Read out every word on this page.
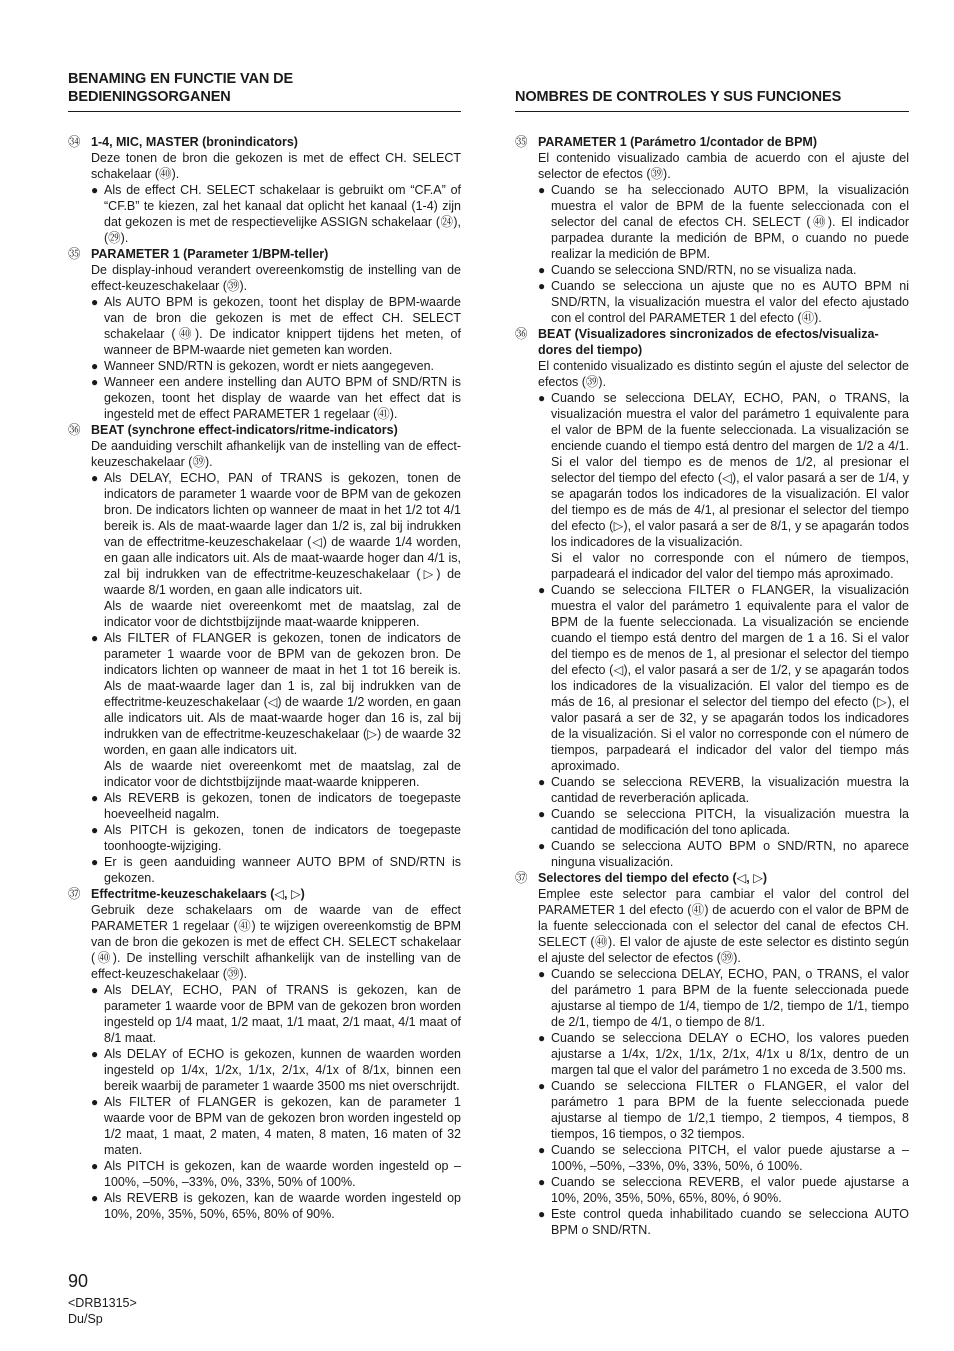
BENAMING EN FUNCTIE VAN DE
BEDIENINGSORGANEN
㉞ 1-4, MIC, MASTER (bronindicators)
Deze tonen de bron die gekozen is met de effect CH. SELECT schakelaar (㊵).
● Als de effect CH. SELECT schakelaar is gebruikt om “CF.A” of “CF.B” te kiezen, zal het kanaal dat oplicht het kanaal (1-4) zijn dat gekozen is met de respectievelijke ASSIGN schakelaar (㉔), (㉙).
㉟ PARAMETER 1 (Parameter 1/BPM-teller)
De display-inhoud verandert overeenkomstig de instelling van de effect-keuzeschakelaar (㊴).
● Als AUTO BPM is gekozen, toont het display de BPM-waarde van de bron die gekozen is met de effect CH. SELECT schakelaar (㊵). De indicator knippert tijdens het meten, of wanneer de BPM-waarde niet gemeten kan worden.
● Wanneer SND/RTN is gekozen, wordt er niets aangegeven.
● Wanneer een andere instelling dan AUTO BPM of SND/RTN is gekozen, toont het display de waarde van het effect dat is ingesteld met de effect PARAMETER 1 regelaar (㊶).
㊱ BEAT (synchrone effect-indicators/ritme-indicators)
De aanduiding verschilt afhankelijk van de instelling van de effect-keuzeschakelaar (㊴).
● Als DELAY, ECHO, PAN of TRANS is gekozen, tonen de indicators de parameter 1 waarde voor de BPM van de gekozen bron. De indicators lichten op wanneer de maat in het 1/2 tot 4/1 bereik is. Als de maat-waarde lager dan 1/2 is, zal bij indrukken van de effectritme-keuzeschakelaar (◁) de waarde 1/4 worden, en gaan alle indicators uit. Als de maat-waarde hoger dan 4/1 is, zal bij indrukken van de effectritme-keuzeschakelaar (▷) de waarde 8/1 worden, en gaan alle indicators uit.
Als de waarde niet overeenkomt met de maatslag, zal de indicator voor de dichtstbijzijnde maat-waarde knipperen.
● Als FILTER of FLANGER is gekozen, tonen de indicators de parameter 1 waarde voor de BPM van de gekozen bron. De indicators lichten op wanneer de maat in het 1 tot 16 bereik is. Als de maat-waarde lager dan 1 is, zal bij indrukken van de effectritme-keuzeschakelaar (◁) de waarde 1/2 worden, en gaan alle indicators uit. Als de maat-waarde hoger dan 16 is, zal bij indrukken van de effectritme-keuzeschakelaar (▷) de waarde 32 worden, en gaan alle indicators uit.
Als de waarde niet overeenkomt met de maatslag, zal de indicator voor de dichtstbijzijnde maat-waarde knipperen.
● Als REVERB is gekozen, tonen de indicators de toegepaste hoeveelheid nagalm.
● Als PITCH is gekozen, tonen de indicators de toegepaste toonhoogte-wijziging.
● Er is geen aanduiding wanneer AUTO BPM of SND/RTN is gekozen.
㊲ Effectritme-keuzeschakelaars (◁, ▷)
Gebruik deze schakelaars om de waarde van de effect PARAMETER 1 regelaar (㊶) te wijzigen overeenkomstig de BPM van de bron die gekozen is met de effect CH. SELECT schakelaar (㊵). De instelling verschilt afhankelijk van de instelling van de effect-keuzeschakelaar (㊴).
● Als DELAY, ECHO, PAN of TRANS is gekozen, kan de parameter 1 waarde voor de BPM van de gekozen bron worden ingesteld op 1/4 maat, 1/2 maat, 1/1 maat, 2/1 maat, 4/1 maat of 8/1 maat.
● Als DELAY of ECHO is gekozen, kunnen de waarden worden ingesteld op 1/4x, 1/2x, 1/1x, 2/1x, 4/1x of 8/1x, binnen een bereik waarbij de parameter 1 waarde 3500 ms niet overschrijdt.
● Als FILTER of FLANGER is gekozen, kan de parameter 1 waarde voor de BPM van de gekozen bron worden ingesteld op 1/2 maat, 1 maat, 2 maten, 4 maten, 8 maten, 16 maten of 32 maten.
● Als PITCH is gekozen, kan de waarde worden ingesteld op –100%, –50%, –33%, 0%, 33%, 50% of 100%.
● Als REVERB is gekozen, kan de waarde worden ingesteld op 10%, 20%, 35%, 50%, 65%, 80% of 90%.
NOMBRES DE CONTROLES Y SUS FUNCIONES
㉟ PARAMETER 1 (Parámetro 1/contador de BPM)
El contenido visualizado cambia de acuerdo con el ajuste del selector de efectos (㊴).
● Cuando se ha seleccionado AUTO BPM, la visualización muestra el valor de BPM de la fuente seleccionada con el selector del canal de efectos CH. SELECT (㊵). El indicador parpadea durante la medición de BPM, o cuando no puede realizar la medición de BPM.
● Cuando se selecciona SND/RTN, no se visualiza nada.
● Cuando se selecciona un ajuste que no es AUTO BPM ni SND/RTN, la visualización muestra el valor del efecto ajustado con el control del PARAMETER 1 del efecto (㊶).
㊱ BEAT (Visualizadores sincronizados de efectos/visualiza-dores del tiempo)
El contenido visualizado es distinto según el ajuste del selector de efectos (㊴).
● Cuando se selecciona DELAY, ECHO, PAN, o TRANS, la visualización muestra el valor del parámetro 1 equivalente para el valor de BPM de la fuente seleccionada. La visualización se enciende cuando el tiempo está dentro del margen de 1/2 a 4/1. Si el valor del tiempo es de menos de 1/2, al presionar el selector del tiempo del efecto (◁), el valor pasará a ser de 1/4, y se apagarán todos los indicadores de la visualización. El valor del tiempo es de más de 4/1, al presionar el selector del tiempo del efecto (▷), el valor pasará a ser de 8/1, y se apagarán todos los indicadores de la visualización.
Si el valor no corresponde con el número de tiempos, parpadeará el indicador del valor del tiempo más aproximado.
● Cuando se selecciona FILTER o FLANGER, la visualización muestra el valor del parámetro 1 equivalente para el valor de BPM de la fuente seleccionada. La visualización se enciende cuando el tiempo está dentro del margen de 1 a 16. Si el valor del tiempo es de menos de 1, al presionar el selector del tiempo del efecto (◁), el valor pasará a ser de 1/2, y se apagarán todos los indicadores de la visualización. El valor del tiempo es de más de 16, al presionar el selector del tiempo del efecto (▷), el valor pasará a ser de 32, y se apagarán todos los indicadores de la visualización. Si el valor no corresponde con el número de tiempos, parpadeará el indicador del valor del tiempo más aproximado.
● Cuando se selecciona REVERB, la visualización muestra la cantidad de reverberación aplicada.
● Cuando se selecciona PITCH, la visualización muestra la cantidad de modificación del tono aplicada.
● Cuando se selecciona AUTO BPM o SND/RTN, no aparece ninguna visualización.
㊲ Selectores del tiempo del efecto (◁, ▷)
Emplee este selector para cambiar el valor del control del PARAMETER 1 del efecto (㊶) de acuerdo con el valor de BPM de la fuente seleccionada con el selector del canal de efectos CH. SELECT (㊵). El valor de ajuste de este selector es distinto según el ajuste del selector de efectos (㊴).
● Cuando se selecciona DELAY, ECHO, PAN, o TRANS, el valor del parámetro 1 para BPM de la fuente seleccionada puede ajustarse al tiempo de 1/4, tiempo de 1/2, tiempo de 1/1, tiempo de 2/1, tiempo de 4/1, o tiempo de 8/1.
● Cuando se selecciona DELAY o ECHO, los valores pueden ajustarse a 1/4x, 1/2x, 1/1x, 2/1x, 4/1x u 8/1x, dentro de un margen tal que el valor del parámetro 1 no exceda de 3.500 ms.
● Cuando se selecciona FILTER o FLANGER, el valor del parámetro 1 para BPM de la fuente seleccionada puede ajustarse al tiempo de 1/2,1 tiempo, 2 tiempos, 4 tiempos, 8 tiempos, 16 tiempos, o 32 tiempos.
● Cuando se selecciona PITCH, el valor puede ajustarse a –100%, –50%, –33%, 0%, 33%, 50%, ó 100%.
● Cuando se selecciona REVERB, el valor puede ajustarse a 10%, 20%, 35%, 50%, 65%, 80%, ó 90%.
● Este control queda inhabilitado cuando se selecciona AUTO BPM o SND/RTN.
90
<DRB1315>
Du/Sp
